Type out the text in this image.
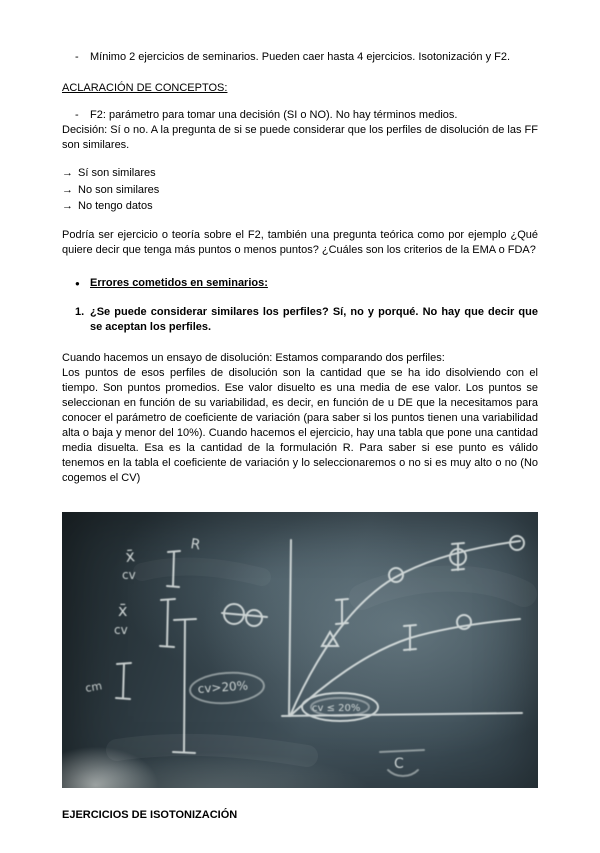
-	Mínimo 2 ejercicios de seminarios. Pueden caer hasta 4 ejercicios. Isotonización y F2.

ACLARACIÓN DE CONCEPTOS:

-	F2: parámetro para tomar una decisión (SI o NO). No hay términos medios.

Decisión: Sí o no. A la pregunta de si se puede considerar que los perfiles de disolución de las FF son similares.

→ Sí son similares
→ No son similares
→ No tengo datos

Podría ser ejercicio o teoría sobre el F2, también una pregunta teórica como por ejemplo ¿Qué quiere decir que tenga más puntos o menos puntos? ¿Cuáles son los criterios de la EMA o FDA?

● Errores cometidos en seminarios:
1. ¿Se puede considerar similares los perfiles? Sí, no y porqué. No hay que decir que se aceptan los perfiles.

Cuando hacemos un ensayo de disolución: Estamos comparando dos perfiles:

Los puntos de esos perfiles de disolución son la cantidad que se ha ido disolviendo con el tiempo. Son puntos promedios. Ese valor disuelto es una media de ese valor. Los puntos se seleccionan en función de su variabilidad, es decir, en función de u DE que la necesitamos para conocer el parámetro de coeficiente de variación (para saber si los puntos tienen una variabilidad alta o baja y menor del 10%). Cuando hacemos el ejercicio, hay una tabla que pone una cantidad media disuelta. Esa es la cantidad de la formulación R. Para saber si ese punto es válido tenemos en la tabla el coeficiente de variación y lo seleccionaremos o no si es muy alto o no (No cogemos el CV)

x̄
cv
R
x̄
cv
cm	cv>20%
cv ≤ 20%
C

EJERCICIOS DE ISOTONIZACIÓN
